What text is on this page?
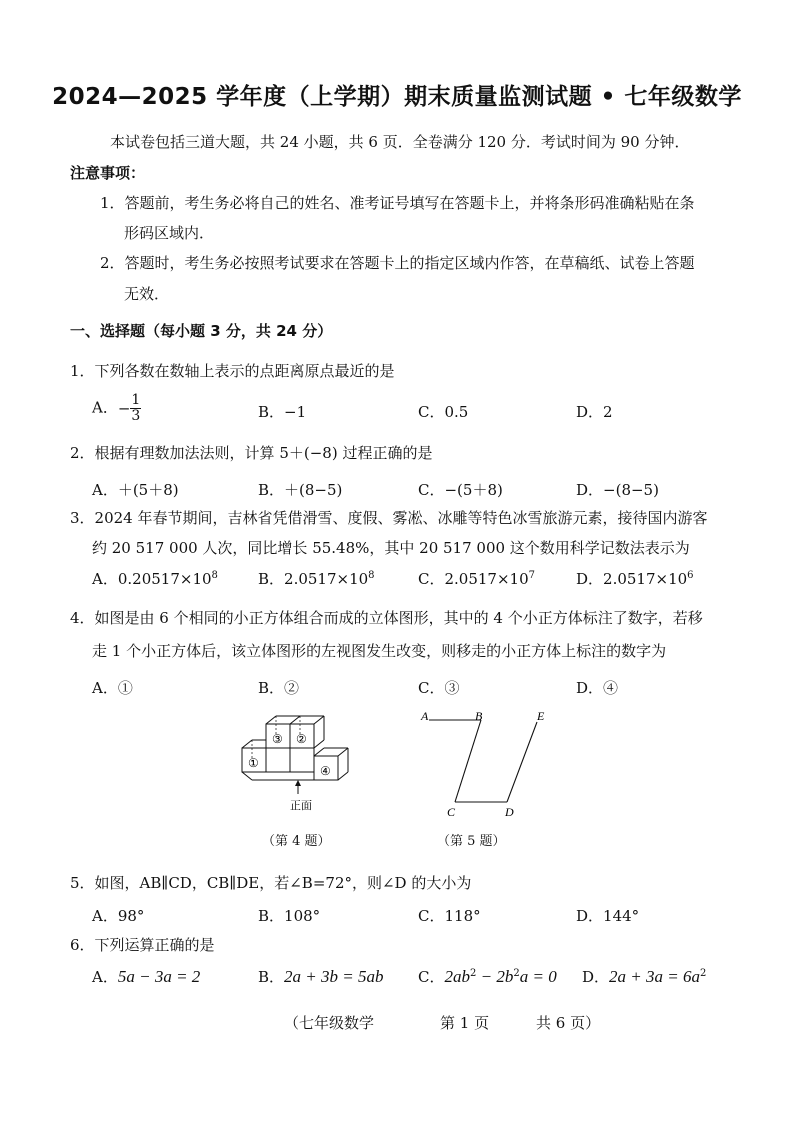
2024—2025 学年度（上学期）期末质量监测试题 • 七年级数学
本试卷包括三道大题，共 24 小题，共 6 页．全卷满分 120 分．考试时间为 90 分钟．
注意事项：
1．答题前，考生务必将自己的姓名、准考证号填写在答题卡上，并将条形码准确粘贴在条
形码区域内．
2．答题时，考生务必按照考试要求在答题卡上的指定区域内作答，在草稿纸、试卷上答题
无效．
一、选择题（每小题 3 分，共 24 分）
1．下列各数在数轴上表示的点距离原点最近的是
A．− $\frac{1}{3}$	B．−1	C．0.5	D．2
2．根据有理数加法法则，计算 5＋(−8) 过程正确的是
A．＋(5＋8)	B．＋(8−5)	C．−(5＋8)	D．−(8−5)
3．2024 年春节期间，吉林省凭借滑雪、度假、雾凇、冰雕等特色冰雪旅游元素，接待国内游客
约 20 517 000 人次，同比增长 55.48%，其中 20 517 000 这个数用科学记数法表示为
A．$0.20517\times 10^8$	B．$2.0517\times 10^8$	C．$2.0517\times 10^7$	D．$2.0517\times 10^6$
4．如图是由 6 个相同的小正方体组合而成的立体图形，其中的 4 个小正方体标注了数字，若移
走 1 个小正方体后，该立体图形的左视图发生改变，则移走的小正方体上标注的数字为
A．①	B．②	C．③	D．④
①
③ ②
④
正面
（第 4 题）
A	B
C	D
E
（第 5 题）
5．如图，AB∥CD，CB∥DE，若∠B=72°，则∠D 的大小为
A．98°	B．108°	C．118°	D．144°
6．下列运算正确的是
A．5a − 3a = 2	B．2a + 3b = 5ab C．$2ab^2 - 2b^2a = 0$ D．$2a + 3a = 6a^2$
（七年级数学	第 1 页	共 6 页）
